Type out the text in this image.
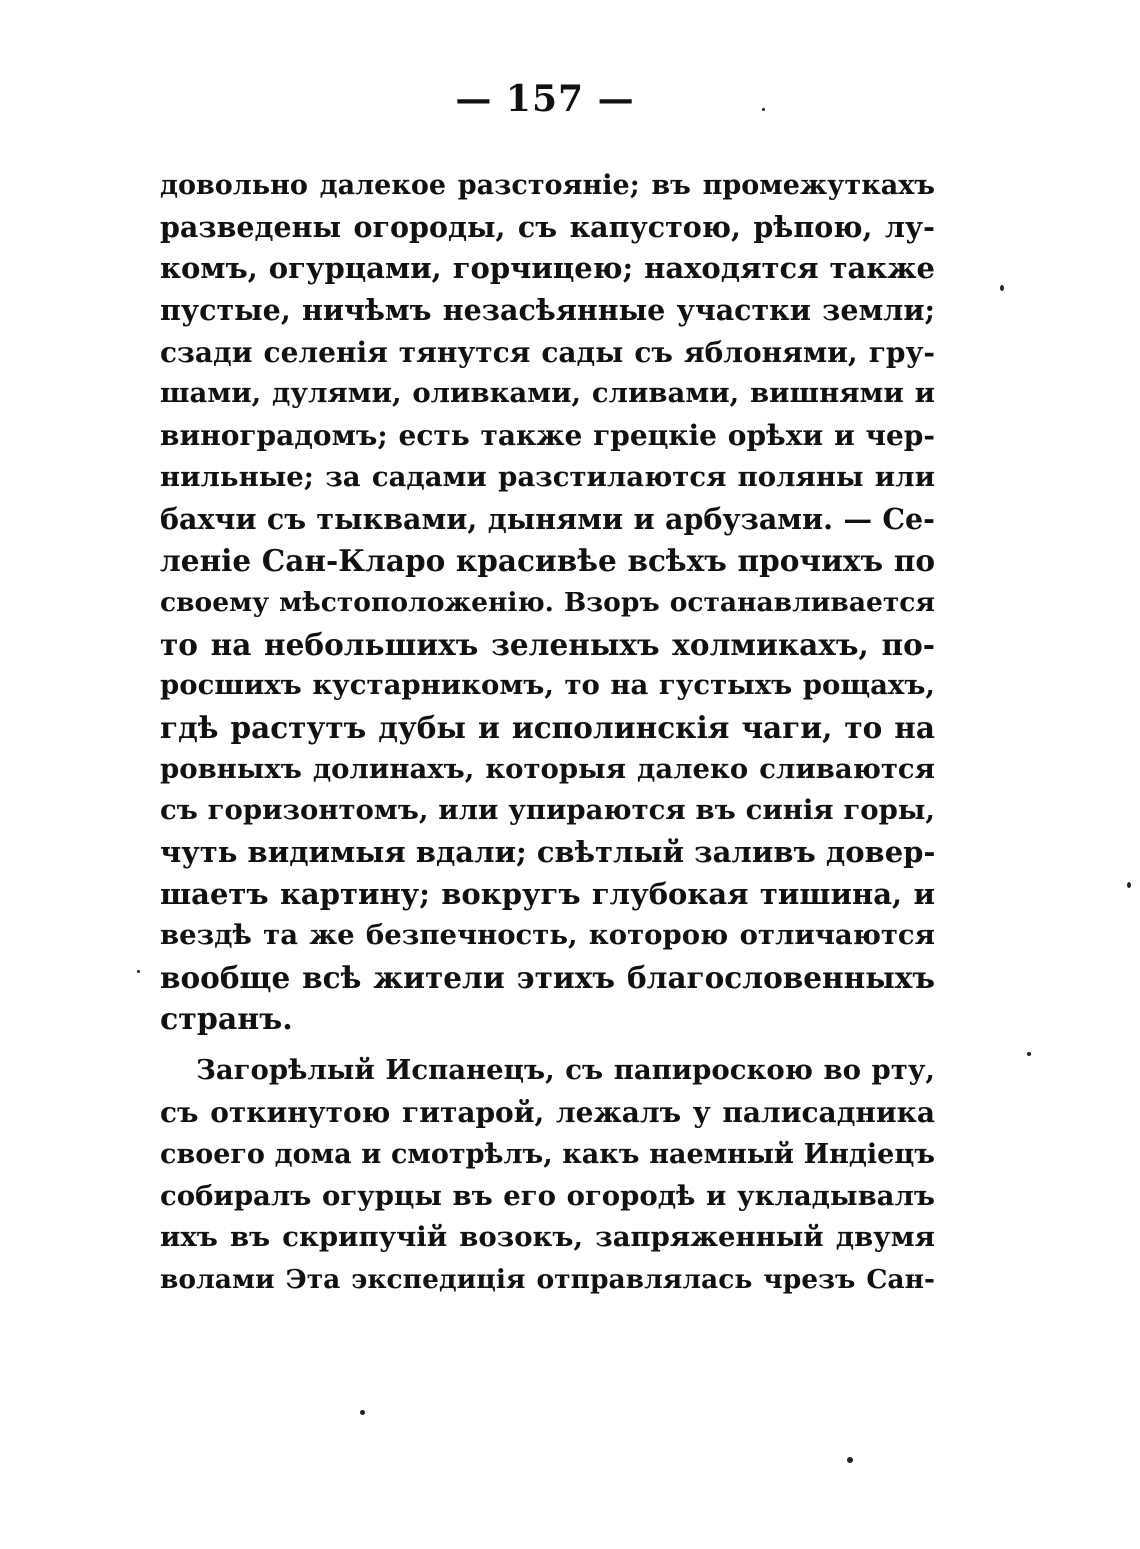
— 157 —
довольно далекое разстояніе; въ промежуткахъ
разведены огороды, съ капустою, рѣпою, лу-
комъ, огурцами, горчицею; находятся также
пустые, ничѣмъ незасѣянные участки земли;
сзади селенія тянутся сады съ яблонями, гру-
шами, дулями, оливками, сливами, вишнями и
виноградомъ; есть также грецкіе орѣхи и чер-
нильные; за садами разстилаются поляны или
бахчи съ тыквами, дынями и арбузами. — Се-
леніе Сан-Кларо красивѣе всѣхъ прочихъ по
своему мѣстоположенію. Взоръ останавливается
то на небольшихъ зеленыхъ холмикахъ, по-
росшихъ кустарникомъ, то на густыхъ рощахъ,
гдѣ растутъ дубы и исполинскія чаги, то на
ровныхъ долинахъ, которыя далеко сливаются
съ горизонтомъ, или упираются въ синія горы,
чуть видимыя вдали; свѣтлый заливъ довер-
шаетъ картину; вокругъ глубокая тишина, и
вездѣ та же безпечность, которою отличаются
вообще всѣ жители этихъ благословенныхъ
странъ.
Загорѣлый Испанецъ, съ папироскою во рту,
съ откинутою гитарой, лежалъ у палисадника
своего дома и смотрѣлъ, какъ наемный Индіецъ
собиралъ огурцы въ его огородѣ и укладывалъ
ихъ въ скрипучій возокъ, запряженный двумя
волами Эта экспедиція отправлялась чрезъ Сан-
